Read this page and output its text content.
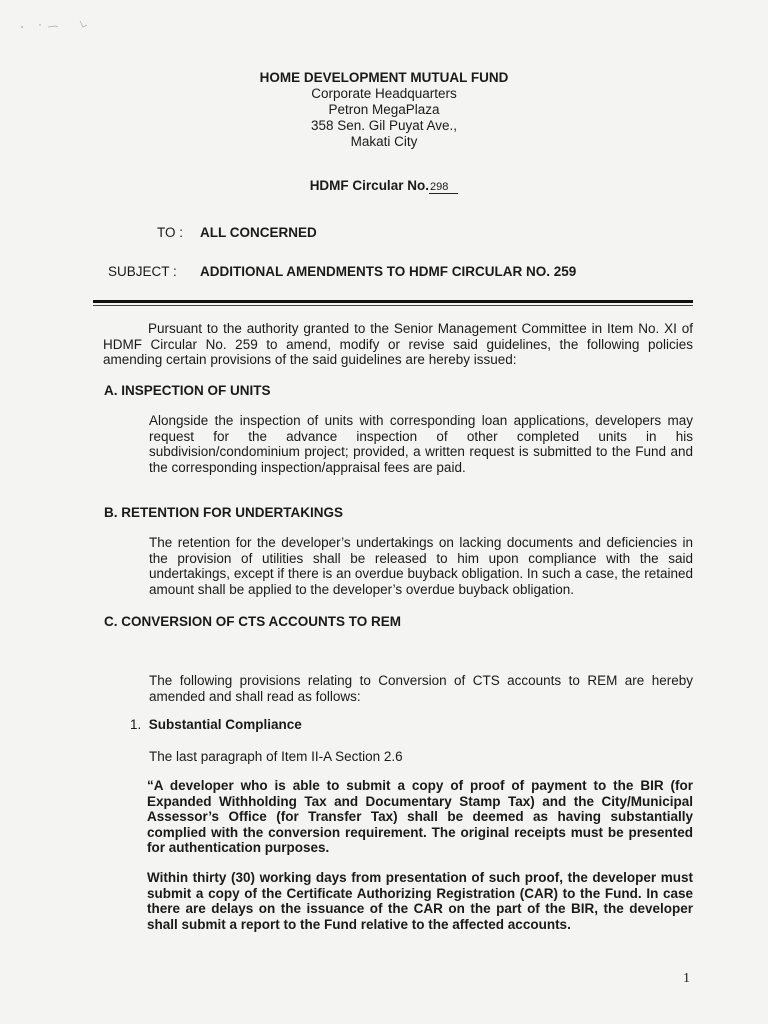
HOME DEVELOPMENT MUTUAL FUND
Corporate Headquarters
Petron MegaPlaza
358 Sen. Gil Puyat Ave.,
Makati City
HDMF Circular No.298
TO : ALL CONCERNED
SUBJECT : ADDITIONAL AMENDMENTS TO HDMF CIRCULAR NO. 259
Pursuant to the authority granted to the Senior Management Committee in Item No. XI of HDMF Circular No. 259 to amend, modify or revise said guidelines, the following policies amending certain provisions of the said guidelines are hereby issued:
A. INSPECTION OF UNITS
Alongside the inspection of units with corresponding loan applications, developers may request for the advance inspection of other completed units in his subdivision/condominium project; provided, a written request is submitted to the Fund and the corresponding inspection/appraisal fees are paid.
B. RETENTION FOR UNDERTAKINGS
The retention for the developer’s undertakings on lacking documents and deficiencies in the provision of utilities shall be released to him upon compliance with the said undertakings, except if there is an overdue buyback obligation. In such a case, the retained amount shall be applied to the developer’s overdue buyback obligation.
C. CONVERSION OF CTS ACCOUNTS TO REM
The following provisions relating to Conversion of CTS accounts to REM are hereby amended and shall read as follows:
1. Substantial Compliance
The last paragraph of Item II-A Section 2.6
“A developer who is able to submit a copy of proof of payment to the BIR (for Expanded Withholding Tax and Documentary Stamp Tax) and the City/Municipal Assessor’s Office (for Transfer Tax) shall be deemed as having substantially complied with the conversion requirement. The original receipts must be presented for authentication purposes.
Within thirty (30) working days from presentation of such proof, the developer must submit a copy of the Certificate Authorizing Registration (CAR) to the Fund. In case there are delays on the issuance of the CAR on the part of the BIR, the developer shall submit a report to the Fund relative to the affected accounts.
1
